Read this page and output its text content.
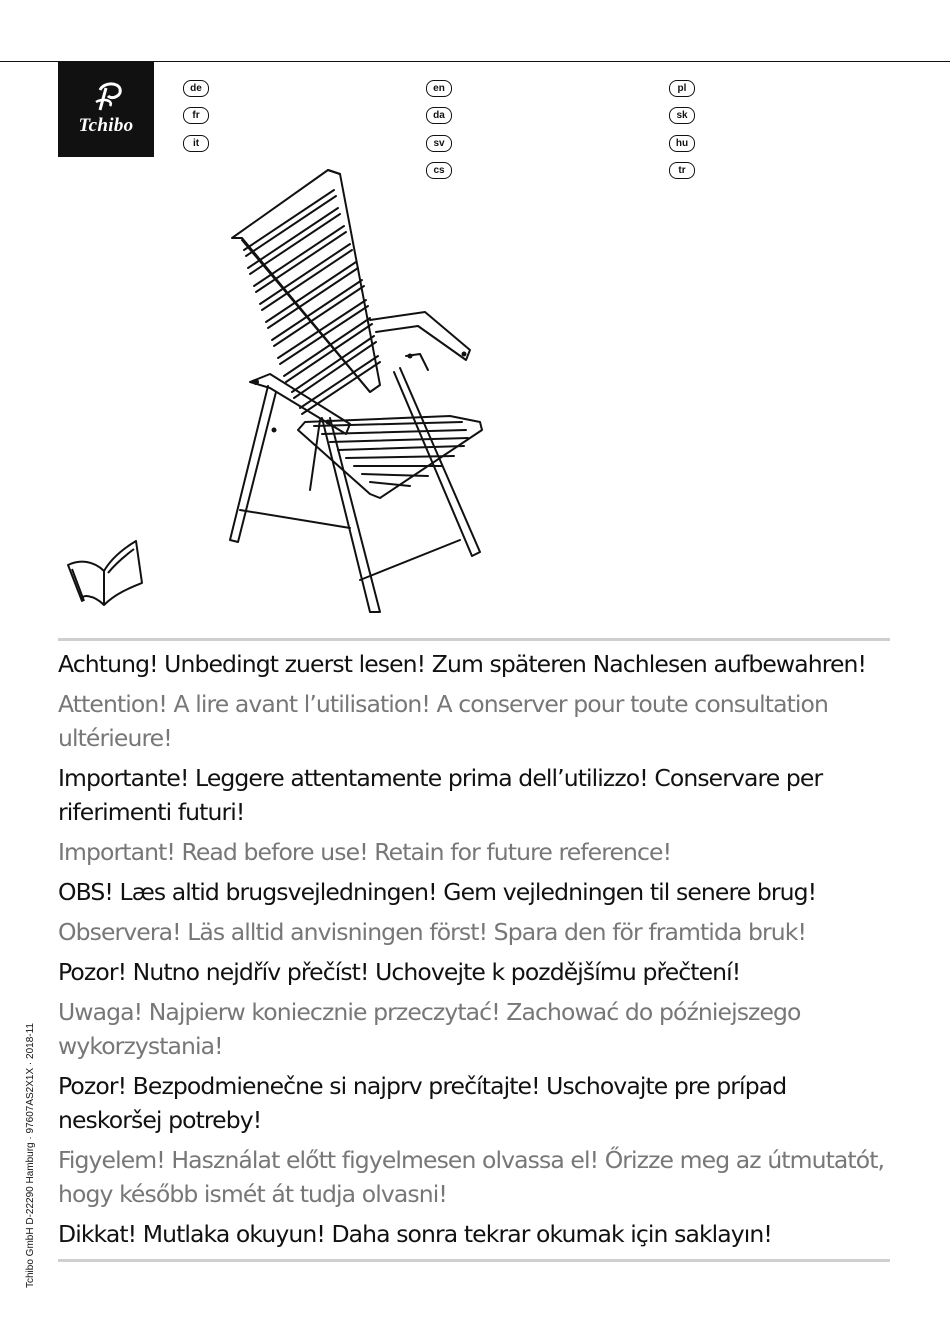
Tchibo
de
fr
it
en
da
sv
cs
pl
sk
hu
tr

Achtung! Unbedingt zuerst lesen! Zum späteren Nachlesen aufbewahren!

Attention! A lire avant l’utilisation! A conserver pour toute consultation ultérieure!

Importante! Leggere attentamente prima dell’utilizzo! Conservare per riferimenti futuri!

Important! Read before use! Retain for future reference!

OBS! Læs altid brugsvejledningen! Gem vejledningen til senere brug!

Observera! Läs alltid anvisningen först! Spara den för framtida bruk!

Pozor! Nutno nejdřív přečíst! Uchovejte k pozdějšímu přečtení!

Uwaga! Najpierw koniecznie przeczytać! Zachować do późniejszego wykorzystania!

Pozor! Bezpodmienečne si najprv prečítajte! Uschovajte pre prípad neskoršej potreby!

Figyelem! Használat előtt figyelmesen olvassa el! Őrizze meg az útmutatót, hogy később ismét át tudja olvasni!

Dikkat! Mutlaka okuyun! Daha sonra tekrar okumak için saklayın!

Tchibo GmbH D-22290 Hamburg · 97607AS2X1X · 2018-11
